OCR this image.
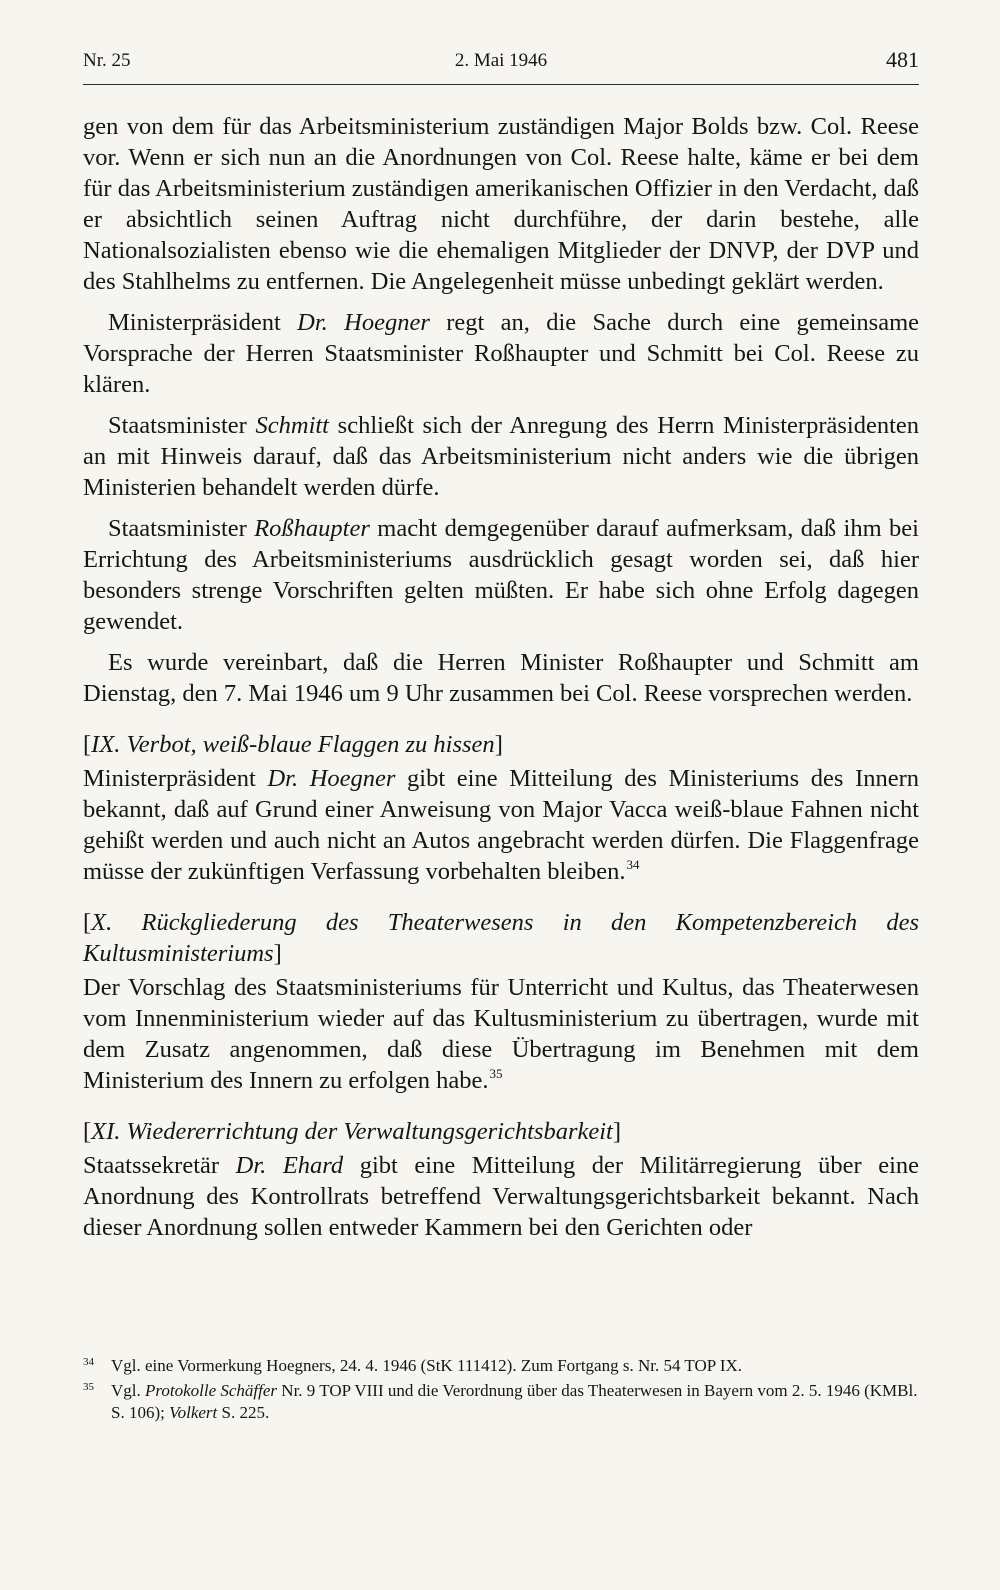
Nr. 25	2. Mai 1946	481

gen von dem für das Arbeitsministerium zuständigen Major Bolds bzw. Col. Reese vor. Wenn er sich nun an die Anordnungen von Col. Reese halte, käme er bei dem für das Arbeitsministerium zuständigen amerikanischen Offizier in den Verdacht, daß er absichtlich seinen Auftrag nicht durchführe, der darin bestehe, alle Nationalsozialisten ebenso wie die ehemaligen Mitglieder der DNVP, der DVP und des Stahlhelms zu entfernen. Die Angelegenheit müsse unbedingt geklärt werden.

Ministerpräsident Dr. Hoegner regt an, die Sache durch eine gemeinsame Vorsprache der Herren Staatsminister Roßhaupter und Schmitt bei Col. Reese zu klären.

Staatsminister Schmitt schließt sich der Anregung des Herrn Ministerpräsidenten an mit Hinweis darauf, daß das Arbeitsministerium nicht anders wie die übrigen Ministerien behandelt werden dürfe.

Staatsminister Roßhaupter macht demgegenüber darauf aufmerksam, daß ihm bei Errichtung des Arbeitsministeriums ausdrücklich gesagt worden sei, daß hier besonders strenge Vorschriften gelten müßten. Er habe sich ohne Erfolg dagegen gewendet.

Es wurde vereinbart, daß die Herren Minister Roßhaupter und Schmitt am Dienstag, den 7. Mai 1946 um 9 Uhr zusammen bei Col. Reese vorsprechen werden.

[IX. Verbot, weiß-blaue Flaggen zu hissen]

Ministerpräsident Dr. Hoegner gibt eine Mitteilung des Ministeriums des Innern bekannt, daß auf Grund einer Anweisung von Major Vacca weiß-blaue Fahnen nicht gehißt werden und auch nicht an Autos angebracht werden dürfen. Die Flaggenfrage müsse der zukünftigen Verfassung vorbehalten bleiben.$^{34}$

[X. Rückgliederung des Theaterwesens in den Kompetenzbereich des Kultusministeriums]

Der Vorschlag des Staatsministeriums für Unterricht und Kultus, das Theaterwesen vom Innenministerium wieder auf das Kultusministerium zu übertragen, wurde mit dem Zusatz angenommen, daß diese Übertragung im Benehmen mit dem Ministerium des Innern zu erfolgen habe.$^{35}$

[XI. Wiedererrichtung der Verwaltungsgerichtsbarkeit]

Staatssekretär Dr. Ehard gibt eine Mitteilung der Militärregierung über eine Anordnung des Kontrollrats betreffend Verwaltungsgerichtsbarkeit bekannt. Nach dieser Anordnung sollen entweder Kammern bei den Gerichten oder

34 Vgl. eine Vormerkung Hoegners, 24. 4. 1946 (StK 111412). Zum Fortgang s. Nr. 54 TOP IX.
35 Vgl. Protokolle Schäffer Nr. 9 TOP VIII und die Verordnung über das Theaterwesen in Bayern vom 2. 5. 1946 (KMBl. S. 106); Volkert S. 225.
